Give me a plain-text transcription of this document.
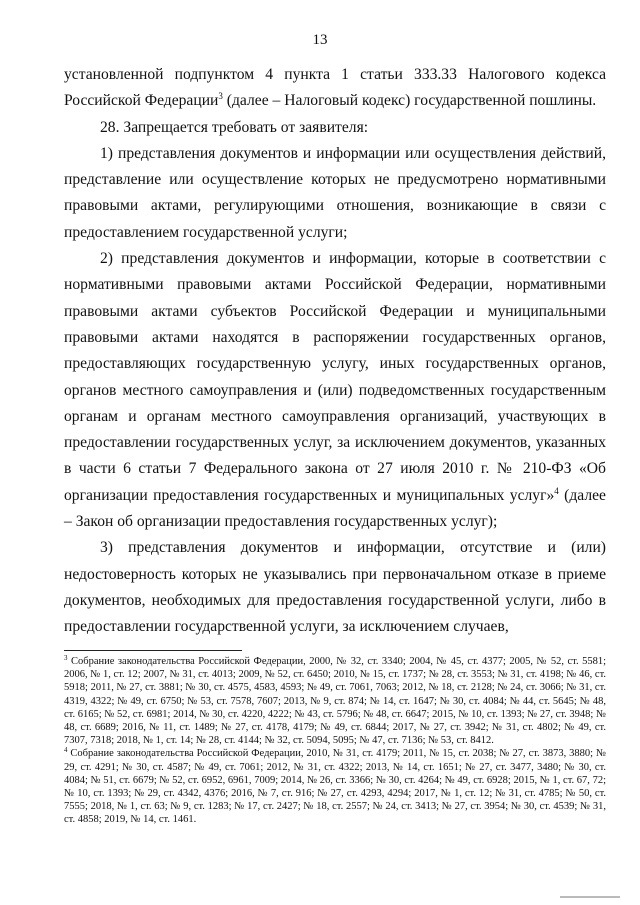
13

установленной подпунктом 4 пункта 1 статьи 333.33 Налогового кодекса Российской Федерации$^3$ (далее – Налоговый кодекс) государственной пошлины.

28. Запрещается требовать от заявителя:

1) представления документов и информации или осуществления действий, представление или осуществление которых не предусмотрено нормативными правовыми актами, регулирующими отношения, возникающие в связи с предоставлением государственной услуги;

2) представления документов и информации, которые в соответствии с нормативными правовыми актами Российской Федерации, нормативными правовыми актами субъектов Российской Федерации и муниципальными правовыми актами находятся в распоряжении государственных органов, предоставляющих государственную услугу, иных государственных органов, органов местного самоуправления и (или) подведомственных государственным органам и органам местного самоуправления организаций, участвующих в предоставлении государственных услуг, за исключением документов, указанных в части 6 статьи 7 Федерального закона от 27 июля 2010 г. № 210-ФЗ «Об организации предоставления государственных и муниципальных услуг»$^4$ (далее – Закон об организации предоставления государственных услуг);

3) представления документов и информации, отсутствие и (или) недостоверность которых не указывались при первоначальном отказе в приеме документов, необходимых для предоставления государственной услуги, либо в предоставлении государственной услуги, за исключением случаев,

$^3$ Собрание законодательства Российской Федерации, 2000, № 32, ст. 3340; 2004, № 45, ст. 4377; 2005, № 52, ст. 5581; 2006, № 1, ст. 12; 2007, № 31, ст. 4013; 2009, № 52, ст. 6450; 2010, № 15, ст. 1737; № 28, ст. 3553; № 31, ст. 4198; № 46, ст. 5918; 2011, № 27, ст. 3881; № 30, ст. 4575, 4583, 4593; № 49, ст. 7061, 7063; 2012, № 18, ст. 2128; № 24, ст. 3066; № 31, ст. 4319, 4322; № 49, ст. 6750; № 53, ст. 7578, 7607; 2013, № 9, ст. 874; № 14, ст. 1647; № 30, ст. 4084; № 44, ст. 5645; № 48, ст. 6165; № 52, ст. 6981; 2014, № 30, ст. 4220, 4222; № 43, ст. 5796; № 48, ст. 6647; 2015, № 10, ст. 1393; № 27, ст. 3948; № 48, ст. 6689; 2016, № 11, ст. 1489; № 27, ст. 4178, 4179; № 49, ст. 6844; 2017, № 27, ст. 3942; № 31, ст. 4802; № 49, ст. 7307, 7318; 2018, № 1, ст. 14; № 28, ст. 4144; № 32, ст. 5094, 5095; № 47, ст. 7136; № 53, ст. 8412.

$^4$ Собрание законодательства Российской Федерации, 2010, № 31, ст. 4179; 2011, № 15, ст. 2038; № 27, ст. 3873, 3880; № 29, ст. 4291; № 30, ст. 4587; № 49, ст. 7061; 2012, № 31, ст. 4322; 2013, № 14, ст. 1651; № 27, ст. 3477, 3480; № 30, ст. 4084; № 51, ст. 6679; № 52, ст. 6952, 6961, 7009; 2014, № 26, ст. 3366; № 30, ст. 4264; № 49, ст. 6928; 2015, № 1, ст. 67, 72; № 10, ст. 1393; № 29, ст. 4342, 4376; 2016, № 7, ст. 916; № 27, ст. 4293, 4294; 2017, № 1, ст. 12; № 31, ст. 4785; № 50, ст. 7555; 2018, № 1, ст. 63; № 9, ст. 1283; № 17, ст. 2427; № 18, ст. 2557; № 24, ст. 3413; № 27, ст. 3954; № 30, ст. 4539; № 31, ст. 4858; 2019, № 14, ст. 1461.
